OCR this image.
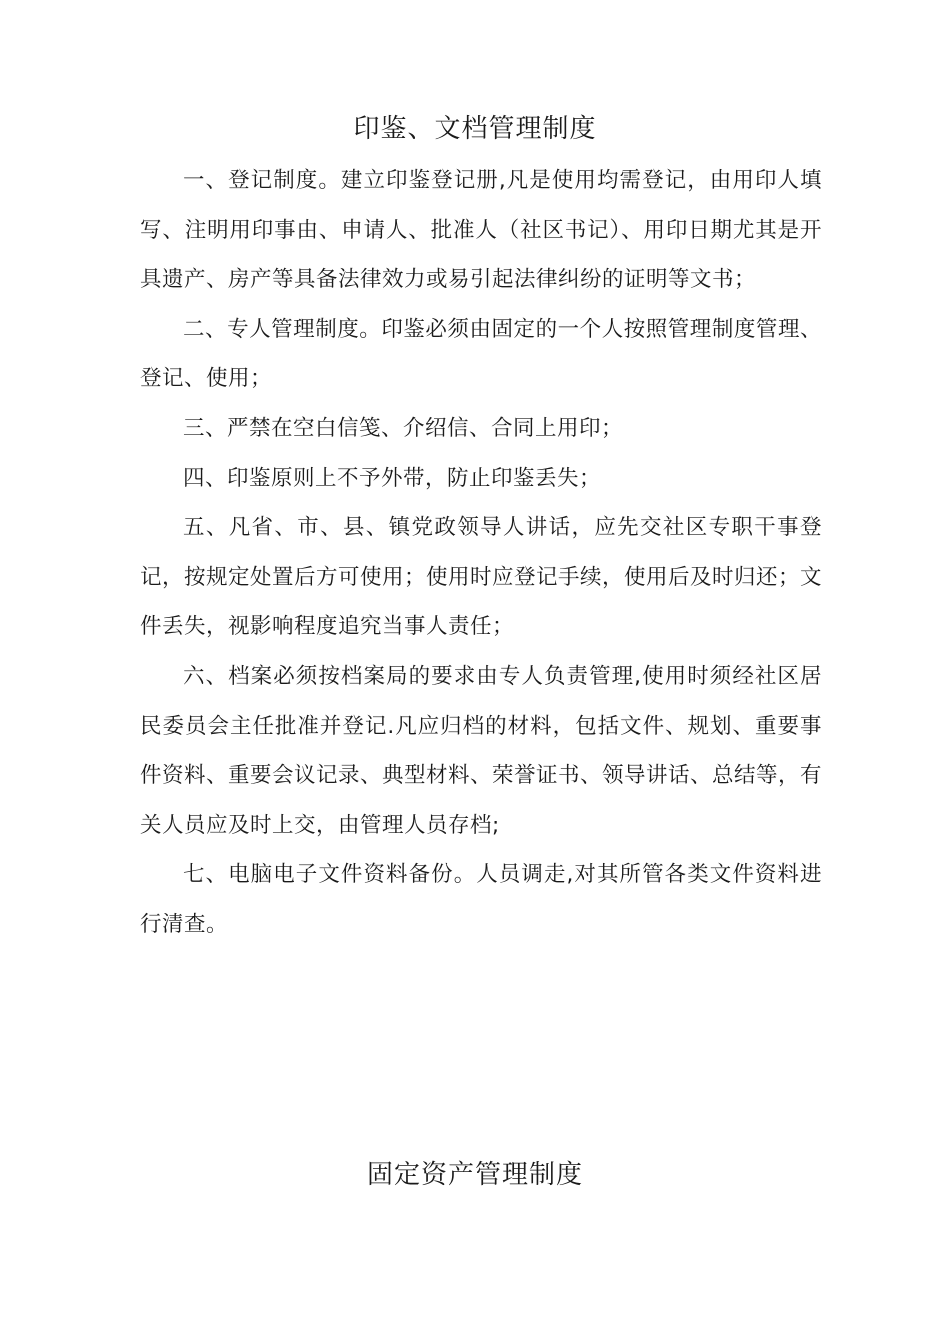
印鉴、文档管理制度

一、登记制度。建立印鉴登记册,凡是使用均需登记，由用印人填写、注明用印事由、申请人、批准人（社区书记）、用印日期尤其是开具遗产、房产等具备法律效力或易引起法律纠纷的证明等文书；

二、专人管理制度。印鉴必须由固定的一个人按照管理制度管理、登记、使用；

三、严禁在空白信笺、介绍信、合同上用印；

四、印鉴原则上不予外带，防止印鉴丢失；

五、凡省、市、县、镇党政领导人讲话，应先交社区专职干事登记，按规定处置后方可使用；使用时应登记手续，使用后及时归还；文件丢失，视影响程度追究当事人责任；

六、档案必须按档案局的要求由专人负责管理,使用时须经社区居民委员会主任批准并登记.凡应归档的材料，包括文件、规划、重要事件资料、重要会议记录、典型材料、荣誉证书、领导讲话、总结等，有关人员应及时上交，由管理人员存档;

七、电脑电子文件资料备份。人员调走,对其所管各类文件资料进行清查。

固定资产管理制度
